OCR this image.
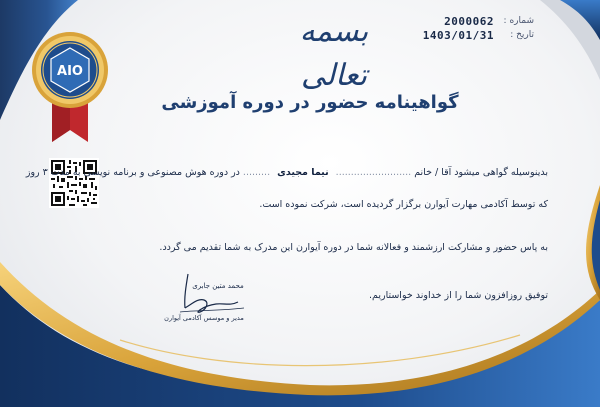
AIO
بسمه تعالی
شماره :
2000062
تاریخ :
1403/01/31
گواهینامه حضور در دوره آموزشی
بدینوسیله گواهی میشود آقا / خانم ......................... نیما مجیدی ......... در دوره هوش مصنوعی و برنامه نویسی به مدت ۳ روز
که توسط آکادمی مهارت آیوارن برگزار گردیده است، شرکت نموده است.
به پاس حضور و مشارکت ارزشمند و فعالانه شما در دوره آیوارن این مدرک به شما تقدیم می گردد.
توفیق روزافزون شما را از خداوند خواستاریم.
محمد متین جابری
مدیر و موسس آکادمی آیوارن
